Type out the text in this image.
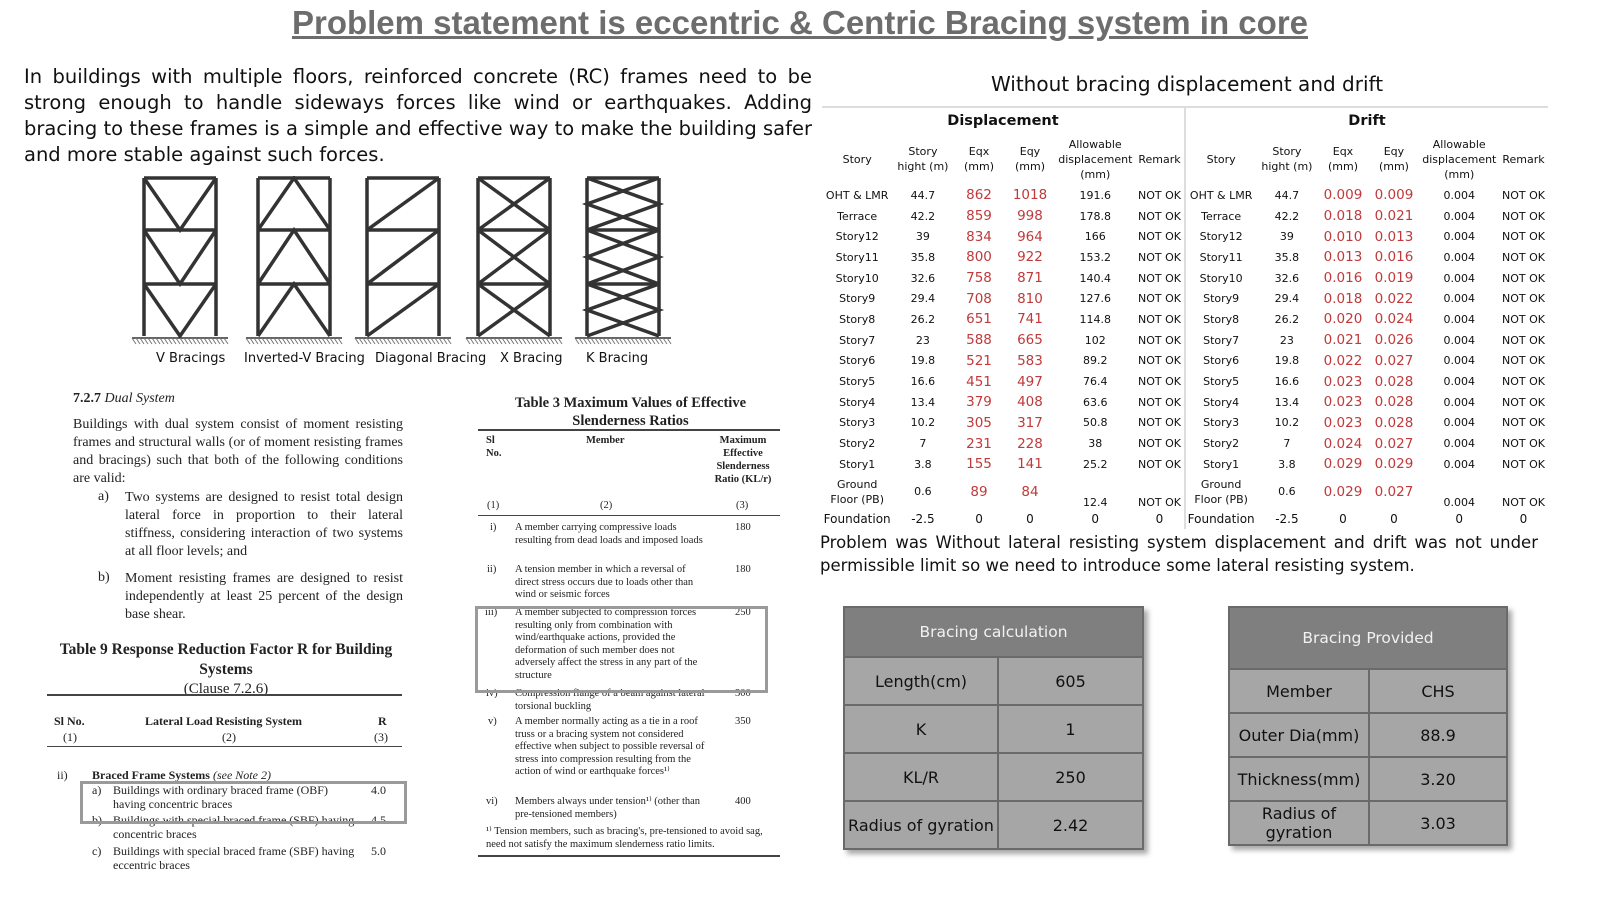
Problem statement is eccentric & Centric Bracing system in core
In buildings with multiple floors, reinforced concrete (RC) frames need to be strong enough to handle sideways forces like wind or earthquakes. Adding bracing to these frames is a simple and effective way to make the building safer and more stable against such forces.
V Bracings Inverted-V Bracing Diagonal Bracing X Bracing K Bracing
7.2.7 Dual System
Buildings with dual system consist of moment resisting frames and structural walls (or of moment resisting frames and bracings) such that both of the following conditions are valid:
a) Two systems are designed to resist total design lateral force in proportion to their lateral stiffness, considering interaction of two systems at all floor levels; and
b) Moment resisting frames are designed to resist independently at least 25 percent of the design base shear.
Table 9 Response Reduction Factor R for Building Systems
(Clause 7.2.6)
Sl No.	Lateral Load Resisting System	R
(1)	(2)	(3)
ii) Braced Frame Systems (see Note 2)
a) Buildings with ordinary braced frame (OBF) having concentric braces
4.0
b) Buildings with special braced frame (SBF) having concentric braces
4.5
c) Buildings with special braced frame (SBF) having eccentric braces
5.0
Table 3 Maximum Values of Effective Slenderness Ratios
Sl No.
Member	Maximum Effective Slenderness Ratio (KL/r)
(1)	(2)	(3)
i) A member carrying compressive loads resulting from dead loads and imposed loads
180
ii) A tension member in which a reversal of direct stress occurs due to loads other than wind or seismic forces
180
iii) A member subjected to compression forces resulting only from combination with wind/earthquake actions, provided the deformation of such member does not adversely affect the stress in any part of the structure
250
iv) Compression flange of a beam against lateral torsional buckling
300
v) A member normally acting as a tie in a roof truss or a bracing system not considered effective when subject to possible reversal of stress into compression resulting from the action of wind or earthquake forces¹⁾
350
vi) Members always under tension¹⁾ (other than pre-tensioned members)
400
¹⁾ Tension members, such as bracing's, pre-tensioned to avoid sag, need not satisfy the maximum slenderness ratio limits.
Without bracing displacement and drift
Displacement						Drift					
Story	Story hight (m)	Eqx (mm)	Eqy (mm)	Allowable displacement (mm)	Remark	Story	Story hight (m)	Eqx (mm)	Eqy (mm)	Allowable displacement (mm)	Remark
OHT & LMR	44.7	862	1018	191.6	NOT OK	OHT & LMR	44.7	0.009	0.009	0.004	NOT OK
Terrace	42.2	859	998	178.8	NOT OK	Terrace	42.2	0.018	0.021	0.004	NOT OK
Story12	39	834	964	166	NOT OK	Story12	39	0.010	0.013	0.004	NOT OK
Story11	35.8	800	922	153.2	NOT OK	Story11	35.8	0.013	0.016	0.004	NOT OK
Story10	32.6	758	871	140.4	NOT OK	Story10	32.6	0.016	0.019	0.004	NOT OK
Story9	29.4	708	810	127.6	NOT OK	Story9	29.4	0.018	0.022	0.004	NOT OK
Story8	26.2	651	741	114.8	NOT OK	Story8	26.2	0.020	0.024	0.004	NOT OK
Story7	23	588	665	102	NOT OK	Story7	23	0.021	0.026	0.004	NOT OK
Story6	19.8	521	583	89.2	NOT OK	Story6	19.8	0.022	0.027	0.004	NOT OK
Story5	16.6	451	497	76.4	NOT OK	Story5	16.6	0.023	0.028	0.004	NOT OK
Story4	13.4	379	408	63.6	NOT OK	Story4	13.4	0.023	0.028	0.004	NOT OK
Story3	10.2	305	317	50.8	NOT OK	Story3	10.2	0.023	0.028	0.004	NOT OK
Story2	7	231	228	38	NOT OK	Story2	7	0.024	0.027	0.004	NOT OK
Story1	3.8	155	141	25.2	NOT OK	Story1	3.8	0.029	0.029	0.004	NOT OK
Ground Floor (PB)	0.6	89	84	12.4	NOT OK	Ground Floor (PB)	0.6	0.029	0.027	0.004	NOT OK
Foundation	-2.5	0	0	0	0	Foundation	-2.5	0	0	0	0
Problem was Without lateral resisting system displacement and drift was not under permissible limit so we need to introduce some lateral resisting system.
Bracing calculation	
Length(cm)	605
K	1
KL/R	250
Radius of gyration	2.42
Bracing Provided	
Member	CHS
Outer Dia(mm)	88.9
Thickness(mm)	3.20
Radius of gyration	3.03
